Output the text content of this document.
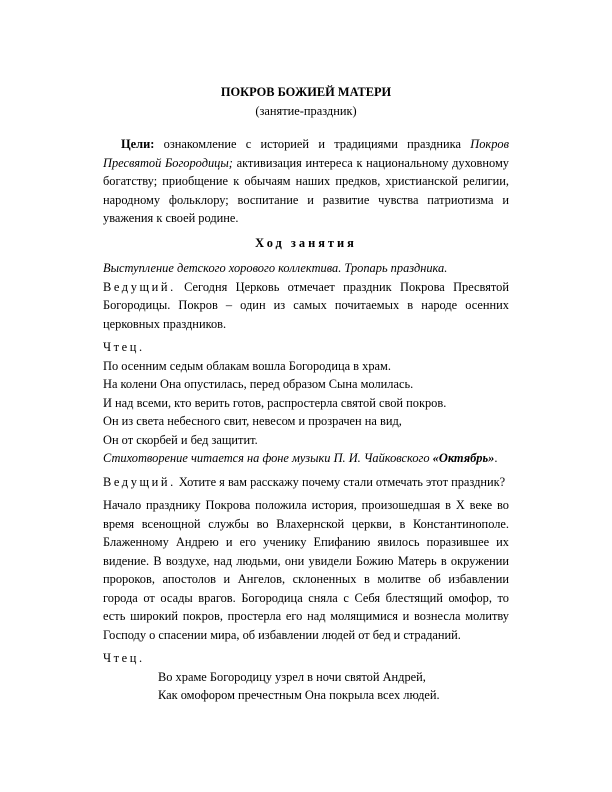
ПОКРОВ БОЖИЕЙ МАТЕРИ

(занятие-праздник)

Цели: ознакомление с историей и традициями праздника Покров Пресвятой Богородицы; активизация интереса к национальному духовному богатству; приобщение к обычаям наших предков, христианской религии, народному фольклору; воспитание и развитие чувства патриотизма и уважения к своей родине.

Ход занятия

Выступление детского хорового коллектива. Тропарь праздника.

Ведущий. Сегодня Церковь отмечает праздник Покрова Пресвятой Богородицы. Покров – один из самых почитаемых в народе осенних церковных праздников.

Чтец.

По осенним седым облакам вошла Богородица в храм.

На колени Она опустилась, перед образом Сына молилась.

И над всеми, кто верить готов, распростерла святой свой покров.

Он из света небесного свит, невесом и прозрачен на вид,

Он от скорбей и бед защитит.

Стихотворение читается на фоне музыки П. И. Чайковского «Октябрь».

Ведущий. Хотите я вам расскажу почему стали отмечать этот праздник?

Начало празднику Покрова положила история, произошедшая в X веке во время всенощной службы во Влахернской церкви, в Константинополе. Блаженному Андрею и его ученику Епифанию явилось поразившее их видение. В воздухе, над людьми, они увидели Божию Матерь в окружении пророков, апостолов и Ангелов, склоненных в молитве об избавлении города от осады врагов. Богородица сняла с Себя блестящий омофор, то есть широкий покров, простерла его над молящимися и вознесла молитву Господу о спасении мира, об избавлении людей от бед и страданий.

Чтец.

Во храме Богородицу узрел в ночи святой Андрей,

Как омофором пречестным Она покрыла всех людей.
